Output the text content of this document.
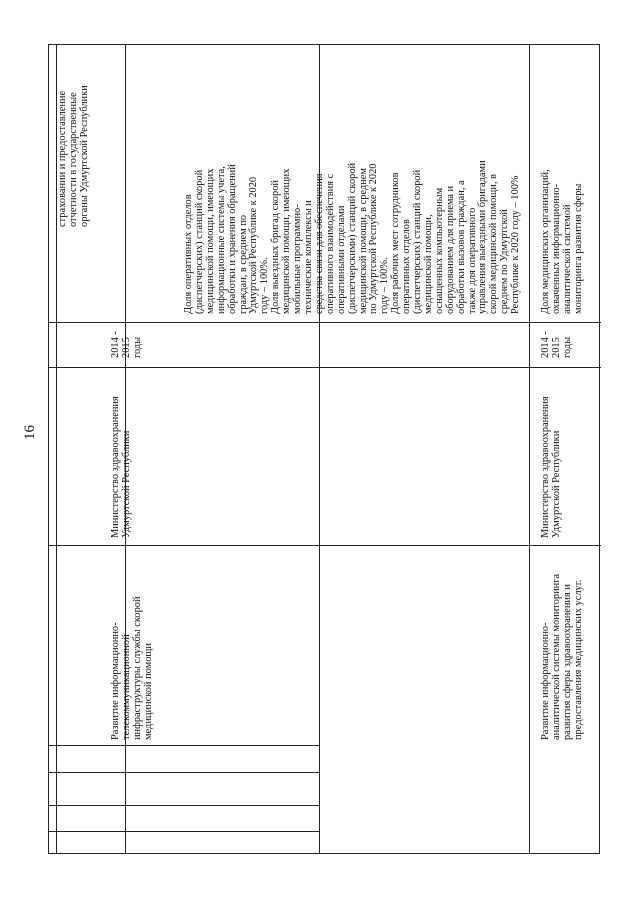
16
страховании и предоставление отчетности в государственные органы Удмуртской Республики
Развитие информационно- телекоммуникационной инфраструктуры службы скорой медицинской помощи
Министерство здравоохранения Удмуртской Республики
2014 - 2015 годы
Доля оперативных отделов (диспетчерских) станций скорой медицинской помощи, имеющих информационные системы учета, обработки и хранения обращений граждан, в среднем по Удмуртской Республике к 2020 году – 100%. Доля выездных бригад скорой медицинской помощи, имеющих мобильные программно- технические комплексы и средства связи для обеспечения оперативного взаимодействия с оперативными отделами (диспетчерскими) станций скорой медицинской помощи, в среднем по Удмуртской Республике к 2020 году – 100%. Доля рабочих мест сотрудников оперативных отделов (диспетчерских) станций скорой медицинской помощи, оснащенных компьютерным оборудованием для приема и обработки вызовов граждан, а также для оперативного управления выездными бригадами скорой медицинской помощи, в среднем по Удмуртской Республике к 2020 году – 100%
Развитие информационно- аналитической системы мониторинга развития сферы здравоохранения и предоставления медицинских услуг.
Министерство здравоохранения Удмуртской Республики
2014 - 2015 годы
Доля медицинских организаций, охваченных информационно- аналитической системой мониторинга развития сферы
